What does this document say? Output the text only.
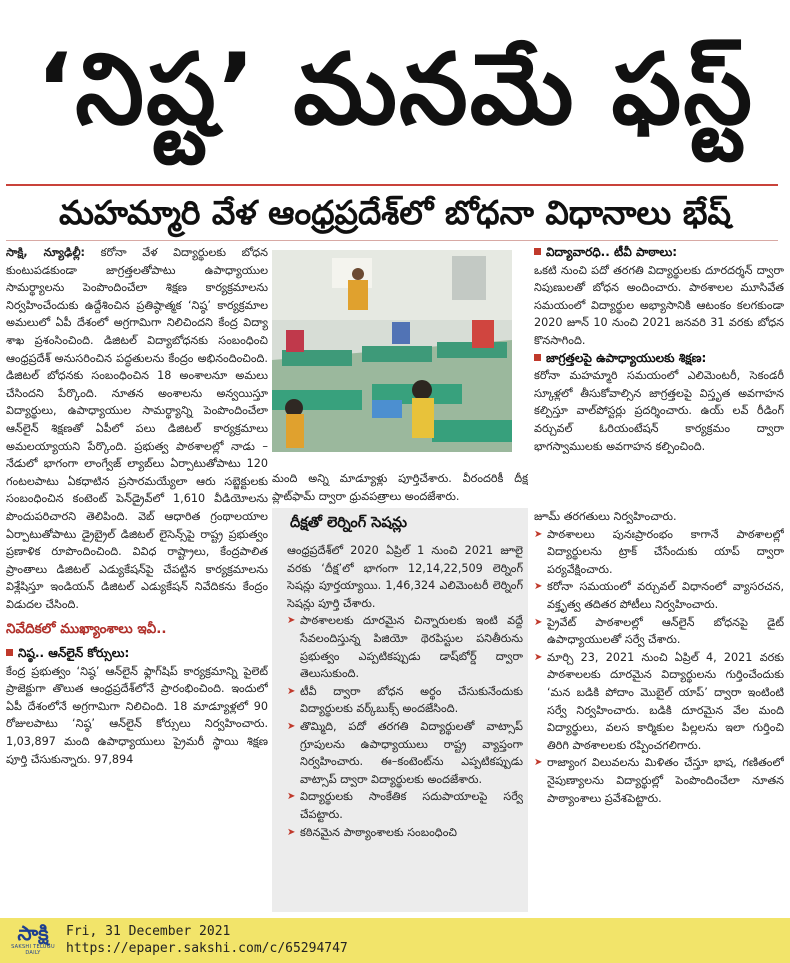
‘నిష్ట’ మనమే ఫస్ట్
మహమ్మారి వేళ ఆంధ్రప్రదేశ్‌లో బోధనా విధానాలు భేష్

సాక్షి, న్యూఢిల్లీ: కరోనా వేళ విద్యార్థులకు బోధన కుంటుపడకుండా జాగ్రత్తలతోపాటు ఉపాధ్యాయుల సామర్థ్యాలను పెంపొందించేలా శిక్షణ కార్యక్రమాలను నిర్వహించేందుకు ఉద్దేశించిన ప్రతిష్ఠాత్మక ‘నిష్ఠ’ కార్యక్రమాల అమలులో ఏపీ దేశంలో అగ్రగామిగా నిలిచిందని కేంద్ర విద్యా శాఖ ప్రశంసించింది. డిజిటల్ విద్యాబోధనకు సంబంధించి ఆంధ్రప్రదేశ్ అనుసరించిన పద్ధతులను కేంద్రం అభినందించింది. డిజిటల్ బోధనకు సంబంధించిన 18 అంశాలనూ అమలు చేసిందని పేర్కొంది. నూతన అంశాలను అన్వయిస్తూ విద్యార్థులు, ఉపాధ్యాయుల సామర్థ్యాన్ని పెంపొందించేలా ఆన్‌లైన్ శిక్షణతో ఏపీలో పలు డిజిటల్ కార్యక్రమాలు అమలయ్యాయని పేర్కొంది. ప్రభుత్వ పాఠశాలల్లో నాడు – నేడులో భాగంగా లాంగ్వేజ్ ల్యాబ్‌లు ఏర్పాటుతోపాటు 120 గంటలపాటు ఏకధాటిన ప్రసారమయ్యేలా ఆరు సబ్జెక్టులకు సంబంధించిన కంటెంట్ పెన్‌డ్రైవ్‌లో 1,610 వీడియోలను పొందుపరిచారని తెలిపింది. వెబ్ ఆధారిత గ్రంథాలయాల ఏర్పాటుతోపాటు డ్రైబ్రైల్ డిజిటల్ లైసెన్స్‌పై రాష్ట్ర ప్రభుత్వం ప్రణాళిక రూపొందించింది. వివిధ రాష్ట్రాలు, కేంద్రపాలిత ప్రాంతాలు డిజిటల్ ఎడ్యుకేషన్‌పై చేపట్టిన కార్యక్రమాలను విశ్లేషిస్తూ ఇండియన్ డిజిటల్ ఎడ్యుకేషన్ నివేదికను కేంద్రం విడుదల చేసింది.

నివేదికలో ముఖ్యాంశాలు ఇవీ..
నిష్ఠ.. ఆన్‌లైన్ కోర్సులు:

కేంద్ర ప్రభుత్వం ‘నిష్ఠ’ ఆన్‌లైన్ ఫ్లాగ్‌షిప్ కార్యక్రమాన్ని పైలెట్ ప్రాజెక్టుగా తొలుత ఆంధ్రప్రదేశ్‌లోనే ప్రారంభించింది. ఇందులో ఏపీ దేశంలోనే అగ్రగామిగా నిలిచింది. 18 మాడ్యూళ్లలో 90 రోజులపాటు ‘నిష్ఠ’ ఆన్‌లైన్ కోర్సులు నిర్వహించారు. 1,03,897 మంది ఉపాధ్యాయులు ప్రైమరీ స్థాయి శిక్షణ పూర్తి చేసుకున్నారు. 97,894

మంది అన్ని మాడ్యూళ్లు పూర్తిచేశారు. వీరందరికీ దీక్ష ప్లాట్‌ఫామ్ ద్వారా ధ్రువపత్రాలు అందజేశారు.

దీక్షతో లెర్నింగ్ సెషన్లు

ఆంధ్రప్రదేశ్‌లో 2020 ఏప్రిల్ 1 నుంచి 2021 జూలై వరకు ‘దీక్ష’లో భాగంగా 12,14,22,509 లెర్నింగ్ సెషన్లు పూర్తయ్యాయి. 1,46,324 ఎలిమెంటరీ లెర్నింగ్ సెషన్లు పూర్తి చేశారు.

➤ పాఠశాలలకు దూరమైన చిన్నారులకు ఇంటి వద్దే సేవలందిస్తున్న పిజియో థెరపిస్టుల పనితీరును ప్రభుత్వం ఎప్పటికప్పుడు డాష్‌బోర్డ్ ద్వారా తెలుసుకుంది.
➤ టీవీ ద్వారా బోధన అర్థం చేసుకునేందుకు విద్యార్థులకు వర్క్‌బుక్స్ అందజేసింది.
➤ తొమ్మిది, పదో తరగతి విద్యార్థులతో వాట్సాప్ గ్రూపులను ఉపాధ్యాయులు రాష్ట్ర వ్యాప్తంగా నిర్వహించారు. ఈ–కంటెంట్‌ను ఎప్పటికప్పుడు వాట్సాప్ ద్వారా విద్యార్థులకు అందజేశారు.
➤ విద్యార్థులకు సాంకేతిక సదుపాయాలపై సర్వే చేపట్టారు.
➤ కఠినమైన పాఠ్యాంశాలకు సంబంధించి
విద్యావారధి.. టీవీ పాఠాలు:

ఒకటి నుంచి పదో తరగతి విద్యార్థులకు దూరదర్శన్ ద్వారా నిపుణులతో బోధన అందించారు. పాఠశాలల మూసివేత సమయంలో విద్యార్థుల అభ్యాసానికి ఆటంకం కలగకుండా 2020 జూన్ 10 నుంచి 2021 జనవరి 31 వరకు బోధన కొనసాగింది.

జాగ్రత్తలపై ఉపాధ్యాయులకు శిక్షణ:

కరోనా మహమ్మారి సమయంలో ఎలిమెంటరీ, సెకండరీ స్కూళ్లలో తీసుకోవాల్సిన జాగ్రత్తలపై విస్తృత అవగాహన కల్పిస్తూ వాల్‌పోస్టర్లు ప్రదర్శించారు. ఉయ్ లవ్ రీడింగ్ వర్చువల్ ఓరియంటేషన్ కార్యక్రమం ద్వారా భాగస్వాములకు అవగాహన కల్పించింది.

జూమ్ తరగతులు నిర్వహించారు.

➤ పాఠశాలలు పునఃప్రారంభం కాగానే పాఠశాలల్లో విద్యార్థులను ట్రాక్ చేసేందుకు యాప్ ద్వారా పర్యవేక్షించారు.
➤ కరోనా సమయంలో వర్చువల్ విధానంలో వ్యాసరచన, వక్తృత్వ తదితర పోటీలు నిర్వహించారు.
➤ ప్రైవేట్ పాఠశాలల్లో ఆన్‌లైన్ బోధనపై డైట్ ఉపాధ్యాయులతో సర్వే చేశారు.
➤ మార్చి 23, 2021 నుంచి ఏప్రిల్ 4, 2021 వరకు పాఠశాలలకు దూరమైన విద్యార్థులను గుర్తించేందుకు ‘మన బడికి పోదాం మొబైల్ యాప్’ ద్వారా ఇంటింటి సర్వే నిర్వహించారు. బడికి దూరమైన వేల మంది విద్యార్థులు, వలస కార్మికుల పిల్లలను ఇలా గుర్తించి తిరిగి పాఠశాలలకు రప్పించగలిగారు.
➤ రాజ్యాంగ విలువలను మిళితం చేస్తూ భాష, గణితంలో నైపుణ్యాలను విద్యార్థుల్లో పెంపొందించేలా నూతన పాఠ్యాంశాలు ప్రవేశపెట్టారు.
సాక్షి
SAKSHI TELUGU DAILY
Fri, 31 December 2021
https://epaper.sakshi.com/c/65294747
